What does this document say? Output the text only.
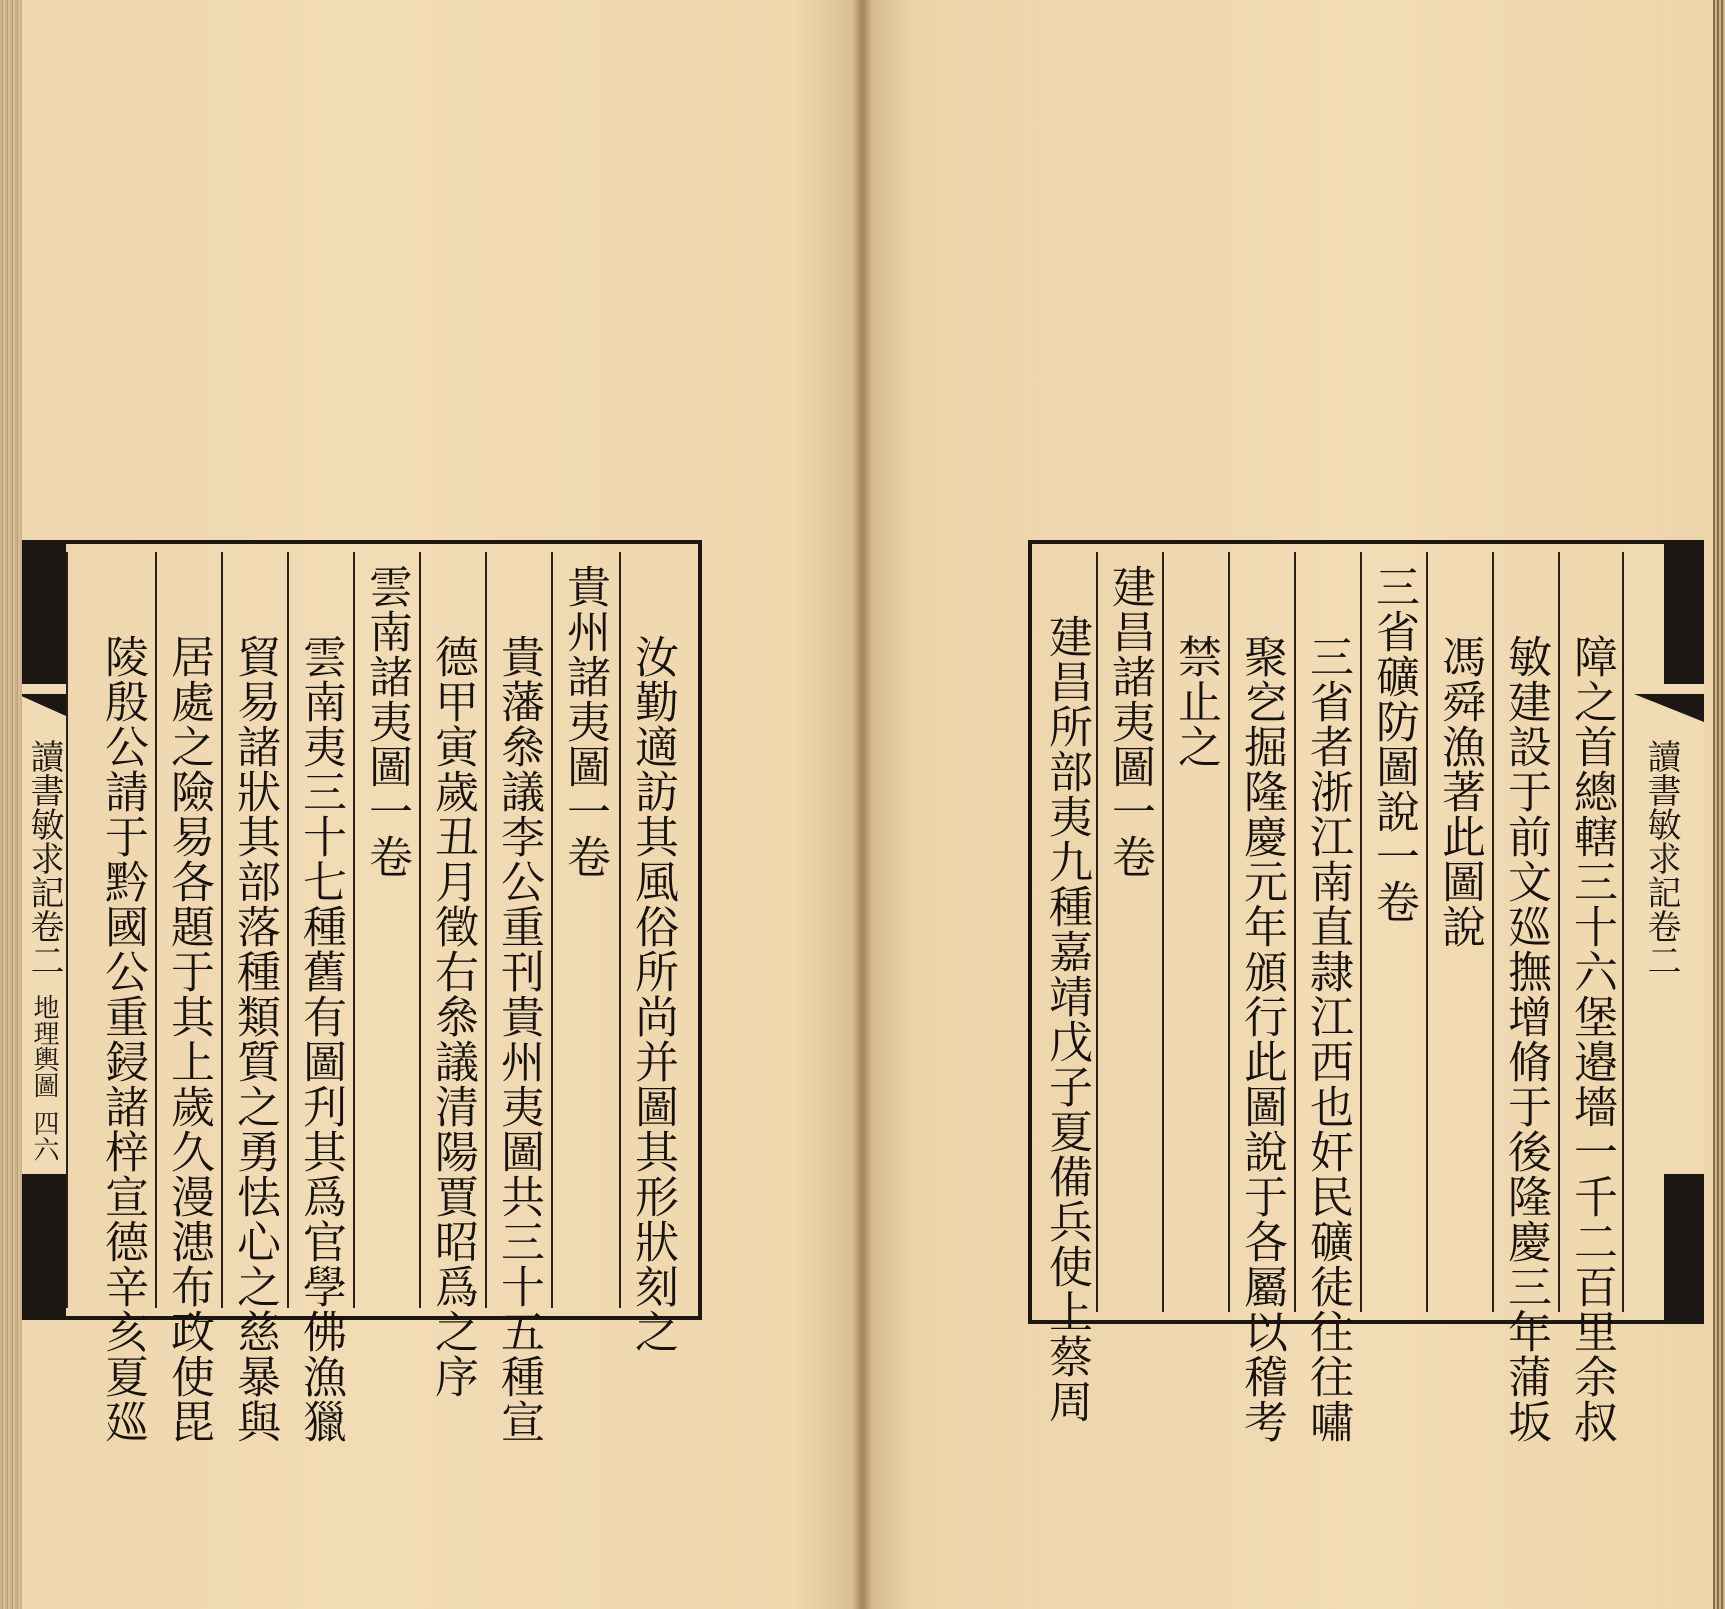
讀書敏求記卷二
地理輿圖
四六	汝勤適訪其風俗所尚并圖其形狀刻之
貴州諸夷圖一卷
貴藩叅議李公重刊貴州夷圖共三十五種宣
德甲寅歲丑月徵右叅議清陽賈昭爲之序
雲南諸夷圖一卷
雲南夷三十七種舊有圖刋其爲官學佛漁獵
貿易諸狀其部落種類質之勇怯心之慈暴與
居處之險易各題于其上歲久漫漶布政使毘
陵殷公請于黔國公重鋟諸梓宣德辛亥夏廵	障之首總轄三十六堡邉墻一千二百里余叔
敏建設于前文廵撫增脩于後隆慶三年蒲坂
馮舜漁著此圖說
三省礦防圖說一卷
三省者浙江南直隷江西也奸民礦徒往往嘯
聚穵掘隆慶元年頒行此圖說于各屬以稽考
禁止之
建昌諸夷圖一卷
建昌所部夷九種嘉靖戊子夏備兵使上蔡周	讀書敏求記卷二
